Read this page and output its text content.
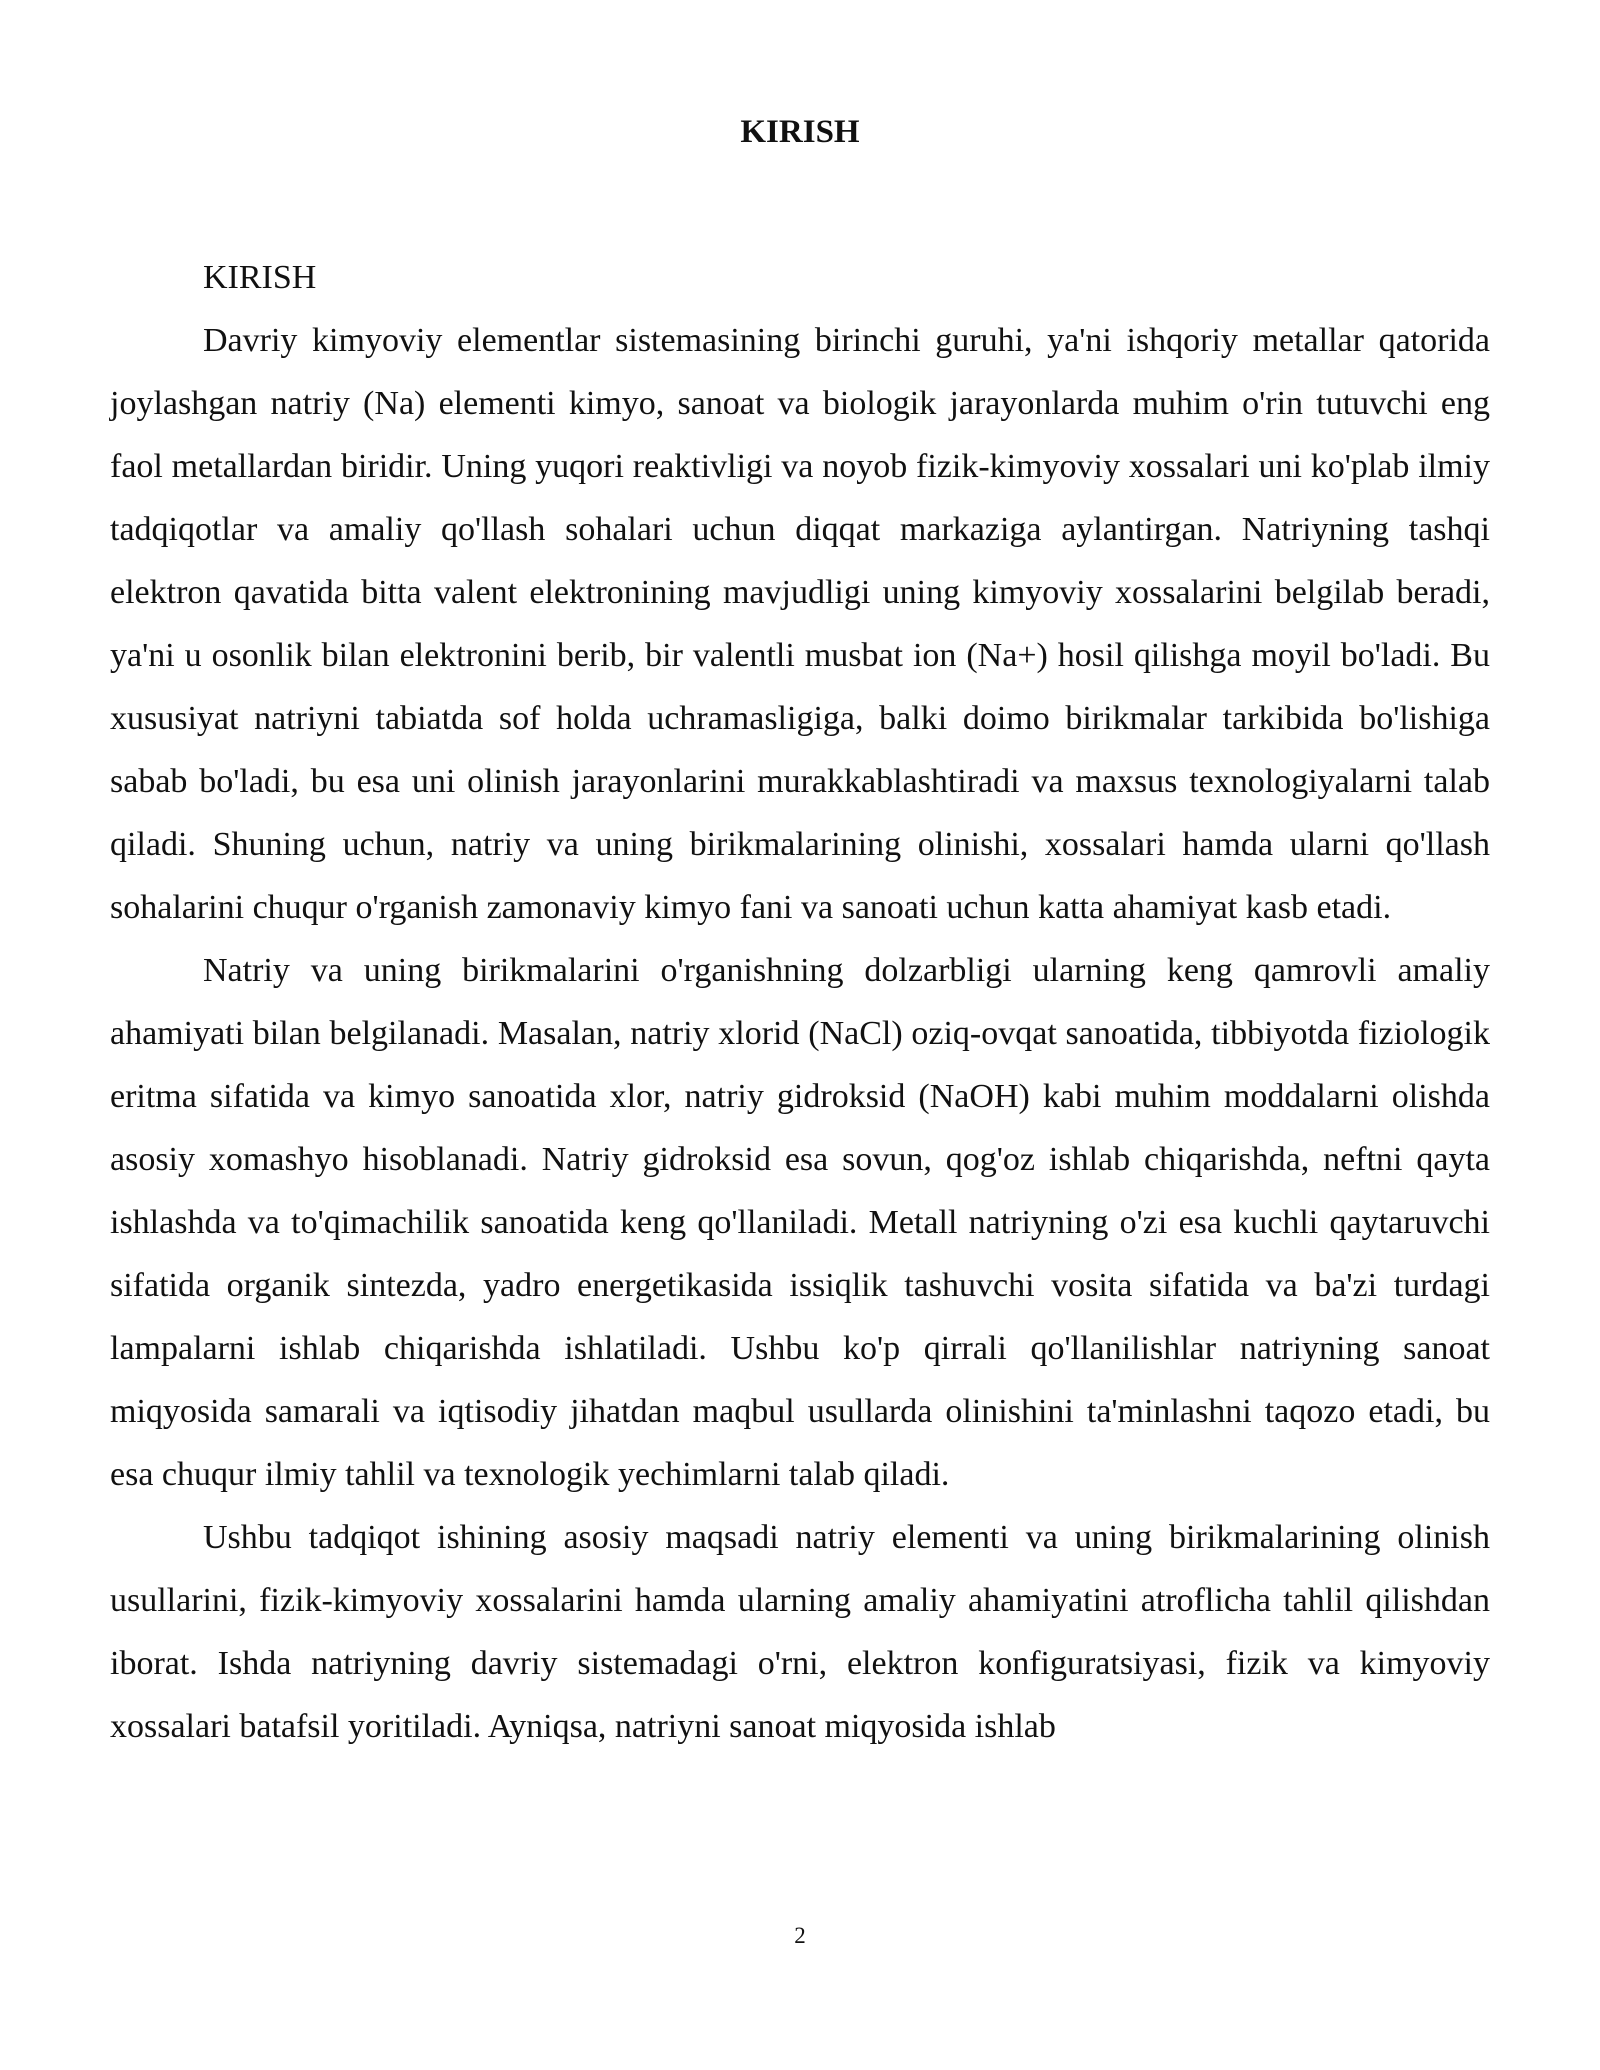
KIRISH

KIRISH

Davriy kimyoviy elementlar sistemasining birinchi guruhi, ya'ni ishqoriy metallar qatorida joylashgan natriy (Na) elementi kimyo, sanoat va biologik jarayonlarda muhim o'rin tutuvchi eng faol metallardan biridir. Uning yuqori reaktivligi va noyob fizik-kimyoviy xossalari uni ko'plab ilmiy tadqiqotlar va amaliy qo'llash sohalari uchun diqqat markaziga aylantirgan. Natriyning tashqi elektron qavatida bitta valent elektronining mavjudligi uning kimyoviy xossalarini belgilab beradi, ya'ni u osonlik bilan elektronini berib, bir valentli musbat ion (Na+) hosil qilishga moyil bo'ladi. Bu xususiyat natriyni tabiatda sof holda uchramasligiga, balki doimo birikmalar tarkibida bo'lishiga sabab bo'ladi, bu esa uni olinish jarayonlarini murakkablashtiradi va maxsus texnologiyalarni talab qiladi. Shuning uchun, natriy va uning birikmalarining olinishi, xossalari hamda ularni qo'llash sohalarini chuqur o'rganish zamonaviy kimyo fani va sanoati uchun katta ahamiyat kasb etadi.

Natriy va uning birikmalarini o'rganishning dolzarbligi ularning keng qamrovli amaliy ahamiyati bilan belgilanadi. Masalan, natriy xlorid (NaCl) oziq-ovqat sanoatida, tibbiyotda fiziologik eritma sifatida va kimyo sanoatida xlor, natriy gidroksid (NaOH) kabi muhim moddalarni olishda asosiy xomashyo hisoblanadi. Natriy gidroksid esa sovun, qog'oz ishlab chiqarishda, neftni qayta ishlashda va to'qimachilik sanoatida keng qo'llaniladi. Metall natriyning o'zi esa kuchli qaytaruvchi sifatida organik sintezda, yadro energetikasida issiqlik tashuvchi vosita sifatida va ba'zi turdagi lampalarni ishlab chiqarishda ishlatiladi. Ushbu ko'p qirrali qo'llanilishlar natriyning sanoat miqyosida samarali va iqtisodiy jihatdan maqbul usullarda olinishini ta'minlashni taqozo etadi, bu esa chuqur ilmiy tahlil va texnologik yechimlarni talab qiladi.

Ushbu tadqiqot ishining asosiy maqsadi natriy elementi va uning birikmalarining olinish usullarini, fizik-kimyoviy xossalarini hamda ularning amaliy ahamiyatini atroflicha tahlil qilishdan iborat. Ishda natriyning davriy sistemadagi o'rni, elektron konfiguratsiyasi, fizik va kimyoviy xossalari batafsil yoritiladi. Ayniqsa, natriyni sanoat miqyosida ishlab

2
